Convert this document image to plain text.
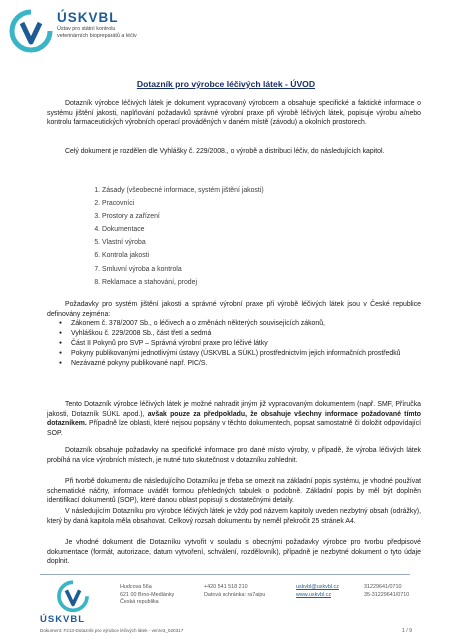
ÚSKVBL
Ústav pro státní kontrolu veterinárních biopreparátů a léčiv
Dotazník pro výrobce léčivých látek - ÚVOD

Dotazník výrobce léčivých látek je dokument vypracovaný výrobcem a obsahuje specifické a faktické informace o systému jištění jakosti, naplňování požadavků správné výrobní praxe při výrobě léčivých látek, popisuje výrobu a/nebo kontrolu farmaceutických výrobních operací prováděných v daném místě (závodu) a okolních prostorech.

Celý dokument je rozdělen dle Vyhlášky č. 229/2008., o výrobě a distribuci léčiv, do následujících kapitol.

1. Zásady (všeobecné informace, systém jištění jakosti)
2. Pracovníci
3. Prostory a zařízení
4. Dokumentace
5. Vlastní výroba
6. Kontrola jakosti
7. Smluvní výroba a kontrola
8. Reklamace a stahování, prodej

Požadavky pro systém jištění jakosti a správné výrobní praxe při výrobě léčivých látek jsou v České republice definovány zejména:

● Zákonem č. 378/2007 Sb., o léčivech a o změnách některých souvisejících zákonů,
● Vyhláškou č. 229/2008 Sb., část třetí a sedmá
● Část II Pokynů pro SVP – Správná výrobní praxe pro léčivé látky
● Pokyny publikovanými jednotlivými ústavy (ÚSKVBL a SÚKL) prostřednictvím jejich informačních prostředků
● Nezávazné pokyny publikované např. PIC/S.

Tento Dotazník výrobce léčivých látek je možné nahradit jiným již vypracovaným dokumentem (např. SMF, Příručka jakosti, Dotazník SÚKL apod.), avšak pouze za předpokladu, že obsahuje všechny informace požadované tímto dotazníkem. Případně lze oblasti, které nejsou popsány v těchto dokumentech, popsat samostatně či doložit odpovídající SOP.

Dotazník obsahuje požadavky na specifické informace pro dané místo výroby, v případě, že výroba léčivých látek probíhá na více výrobních místech, je nutné tuto skutečnost v dotazníku zohlednit.

Při tvorbě dokumentu dle následujícího Dotazníku je třeba se omezit na základní popis systému, je vhodné používat schematické náčrty, informace uvádět formou přehledných tabulek o podobně. Základní popis by měl být doplněn identifikací dokumentů (SOP), které danou oblast popisují s dostatečnými detaily.

V následujícím Dotazníku pro výrobce léčivých látek je vždy pod názvem kapitoly uveden nezbytný obsah (odrážky), který by daná kapitola měla obsahovat. Celkový rozsah dokumentu by neměl překročit 25 stránek A4.

Je vhodné dokument dle Dotazníku vytvořit v souladu s obecnými požadavky výrobce pro tvorbu předpisové dokumentace (formát, autorizace, datum vytvoření, schválení, rozdělovník), případně je nezbytné dokument o tyto údaje doplnit.

ÚSKVBL
Hudcova 56a
621 00 Brno-Medlánky
Česká republika
+420 541 518 210
Datová schránka: ra7aipu
uskvbl@uskvbl.cz
www.uskvbl.cz
31229641/0710
35-31229641/0710
Dokument: F213-Dotazník pro výrobce léčivých látek - verze3_020317	1 / 9
